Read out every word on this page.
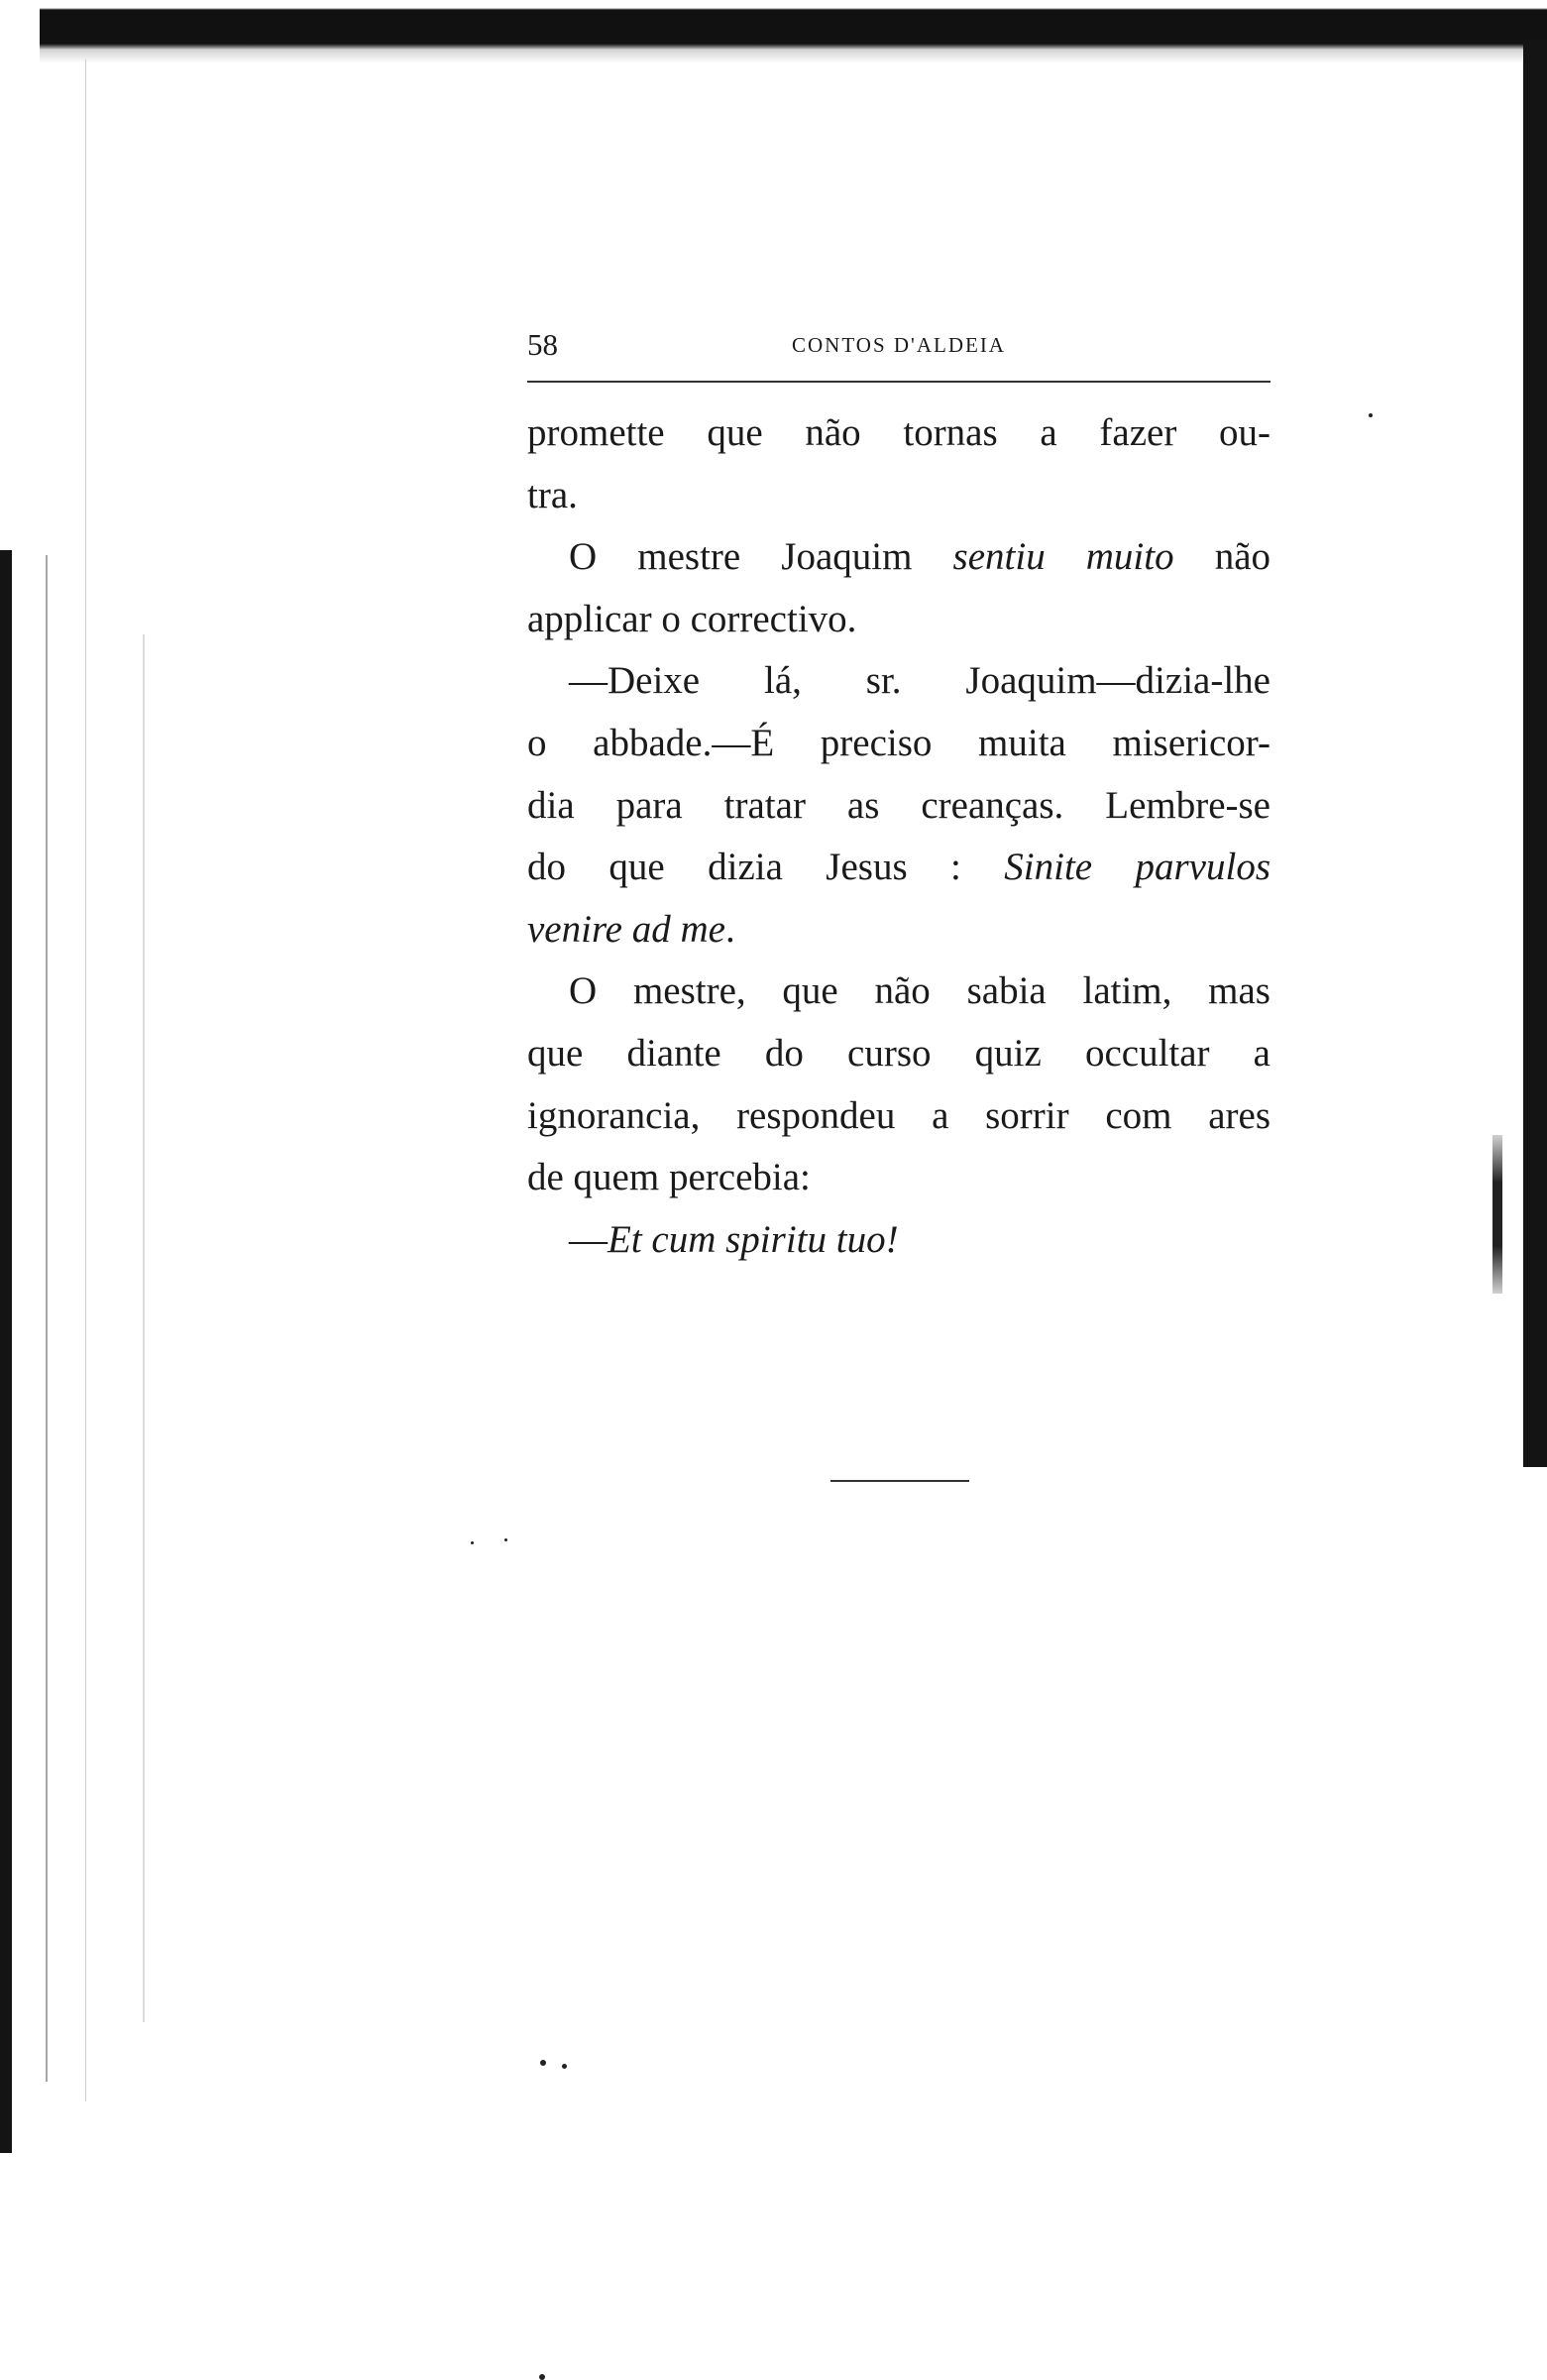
58	CONTOS D'ALDEIA

promette que não tornas a fazer ou-

tra.

O mestre Joaquim sentiu muito não

applicar o correctivo.

—Deixe lá, sr. Joaquim—dizia-lhe

o abbade.—É preciso muita misericor-

dia para tratar as creanças. Lembre-se

do que dizia Jesus : Sinite parvulos

venire ad me.

O mestre, que não sabia latim, mas

que diante do curso quiz occultar a

ignorancia, respondeu a sorrir com ares

de quem percebia:

—Et cum spiritu tuo!
